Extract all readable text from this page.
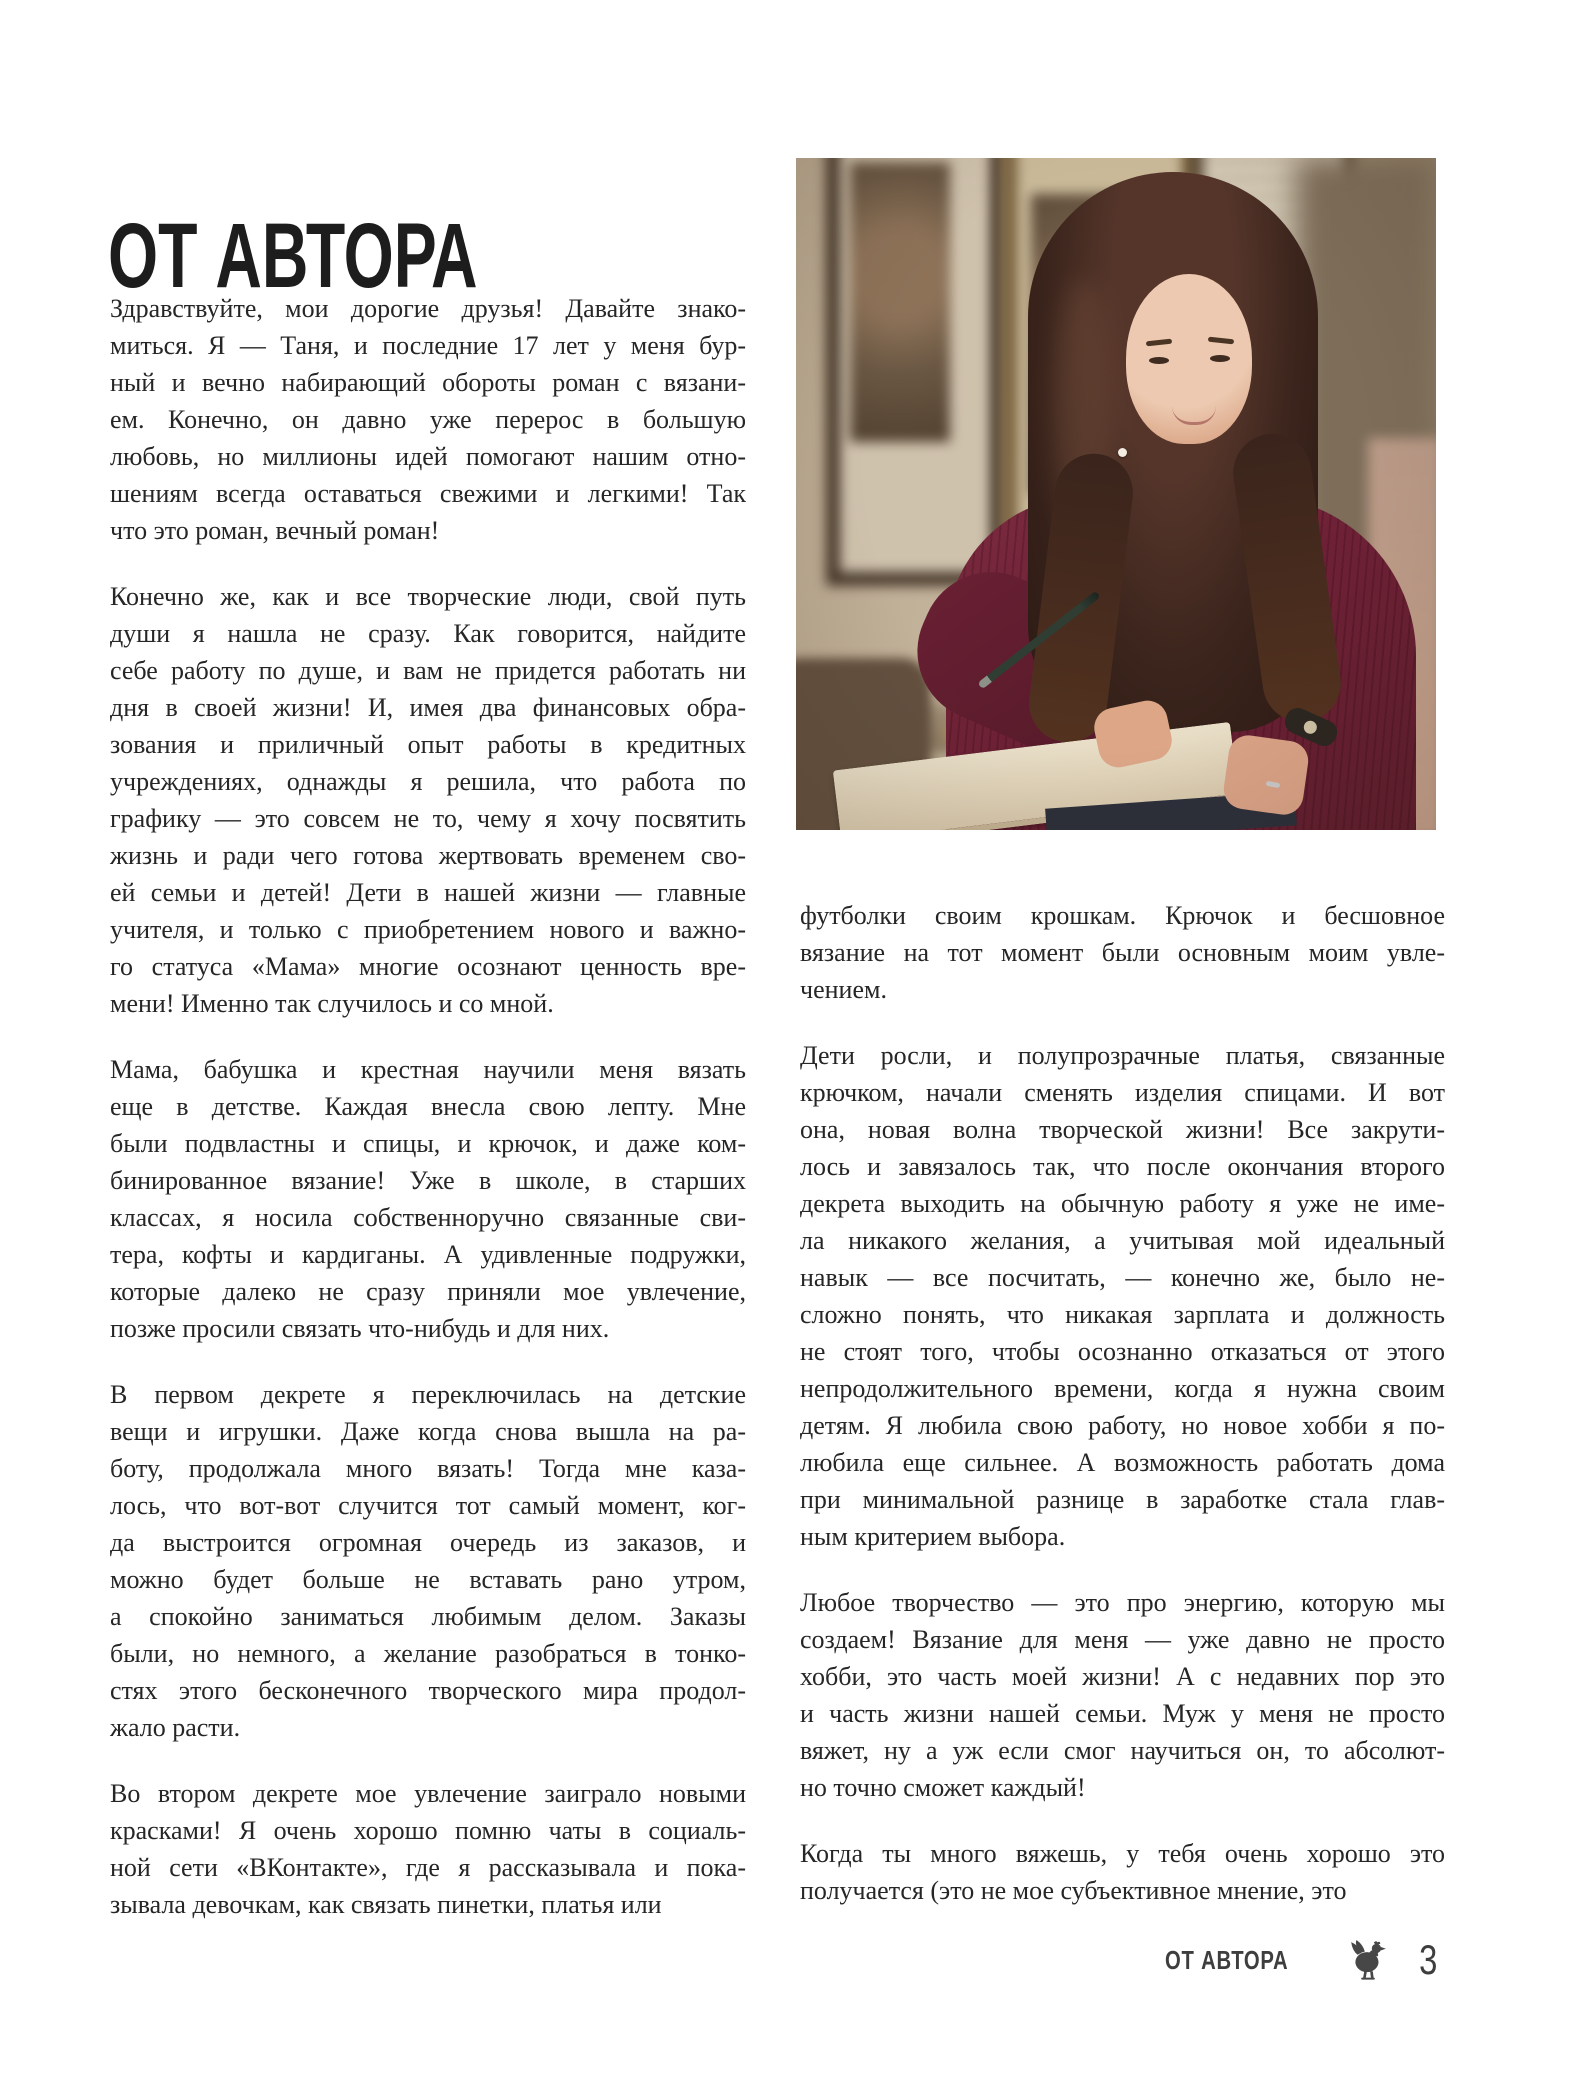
ОТ АВТОРА

Здравствуйте, мои дорогие друзья! Давайте знако-
миться. Я — Таня, и последние 17 лет у меня бур-
ный и вечно набирающий обороты роман с вязани-
ем. Конечно, он давно уже перерос в большую
любовь, но миллионы идей помогают нашим отно-
шениям всегда оставаться свежими и легкими! Так
что это роман, вечный роман!

Конечно же, как и все творческие люди, свой путь
души я нашла не сразу. Как говорится, найдите
себе работу по душе, и вам не придется работать ни
дня в своей жизни! И, имея два финансовых обра-
зования и приличный опыт работы в кредитных
учреждениях, однажды я решила, что работа по
графику — это совсем не то, чему я хочу посвятить
жизнь и ради чего готова жертвовать временем сво-
ей семьи и детей! Дети в нашей жизни — главные
учителя, и только с приобретением нового и важно-
го статуса «Мама» многие осознают ценность вре-
мени! Именно так случилось и со мной.

Мама, бабушка и крестная научили меня вязать
еще в детстве. Каждая внесла свою лепту. Мне
были подвластны и спицы, и крючок, и даже ком-
бинированное вязание! Уже в школе, в старших
классах, я носила собственноручно связанные сви-
тера, кофты и кардиганы. А удивленные подружки,
которые далеко не сразу приняли мое увлечение,
позже просили связать что-нибудь и для них.

В первом декрете я переключилась на детские
вещи и игрушки. Даже когда снова вышла на ра-
боту, продолжала много вязать! Тогда мне каза-
лось, что вот-вот случится тот самый момент, ког-
да выстроится огромная очередь из заказов, и
можно будет больше не вставать рано утром,
а спокойно заниматься любимым делом. Заказы
были, но немного, а желание разобраться в тонко-
стях этого бесконечного творческого мира продол-
жало расти.

Во втором декрете мое увлечение заиграло новыми
красками! Я очень хорошо помню чаты в социаль-
ной сети «ВКонтакте», где я рассказывала и пока-
зывала девочкам, как связать пинетки, платья или

футболки своим крошкам. Крючок и бесшовное
вязание на тот момент были основным моим увле-
чением.

Дети росли, и полупрозрачные платья, связанные
крючком, начали сменять изделия спицами. И вот
она, новая волна творческой жизни! Все закрути-
лось и завязалось так, что после окончания второго
декрета выходить на обычную работу я уже не име-
ла никакого желания, а учитывая мой идеальный
навык — все посчитать, — конечно же, было не-
сложно понять, что никакая зарплата и должность
не стоят того, чтобы осознанно отказаться от этого
непродолжительного времени, когда я нужна своим
детям. Я любила свою работу, но новое хобби я по-
любила еще сильнее. А возможность работать дома
при минимальной разнице в заработке стала глав-
ным критерием выбора.

Любое творчество — это про энергию, которую мы
создаем! Вязание для меня — уже давно не просто
хобби, это часть моей жизни! А с недавних пор это
и часть жизни нашей семьи. Муж у меня не просто
вяжет, ну а уж если смог научиться он, то абсолют-
но точно сможет каждый!

Когда ты много вяжешь, у тебя очень хорошо это
получается (это не мое субъективное мнение, это

ОТ АВТОРА	3
